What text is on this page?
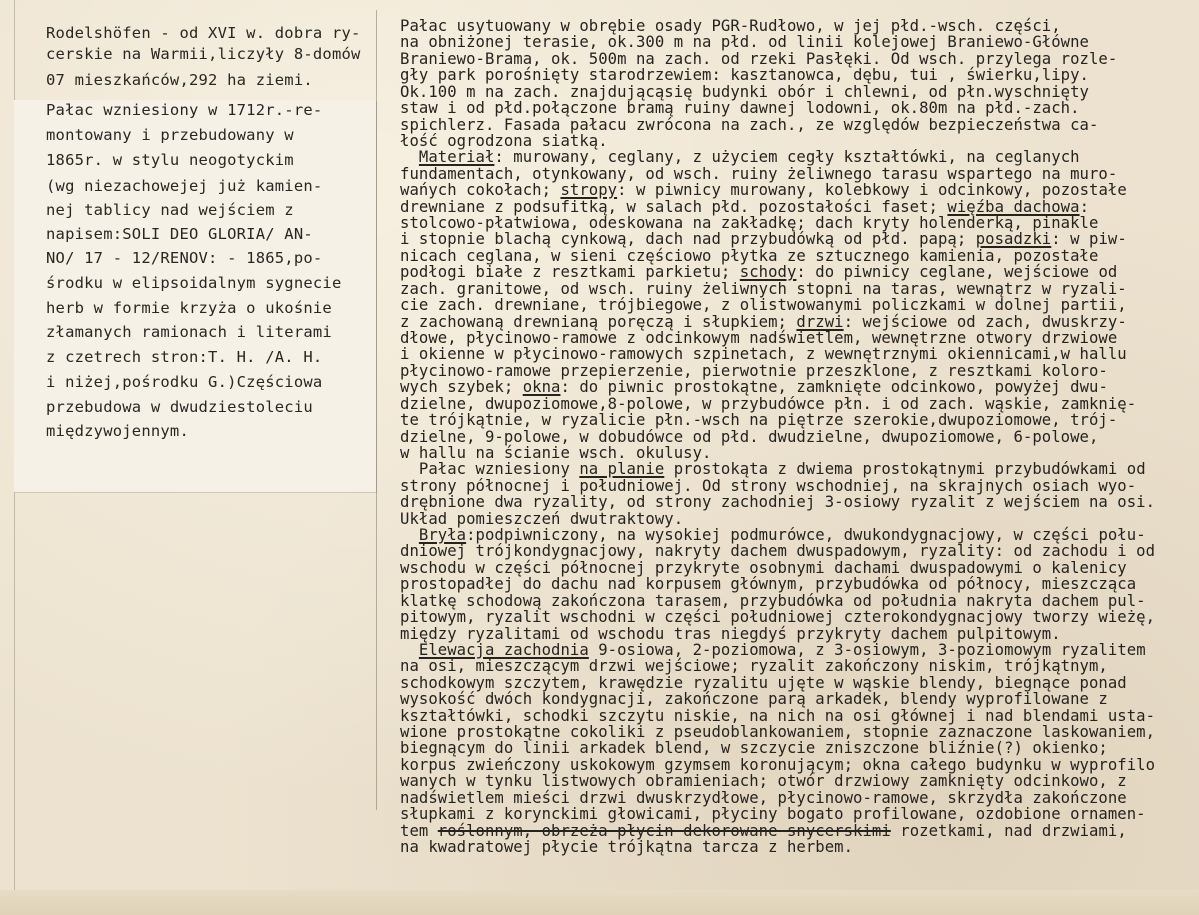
Rodelshöfen - od XVI w. dobra ry-
cerskie na Warmii,liczyły 8-domów
07 mieszkańców,292 ha ziemi.
Pałac wzniesiony w 1712r.-re-
montowany i przebudowany w
1865r. w stylu neogotyckim
(wg niezachowejej już kamien-
nej tablicy nad wejściem z
napisem:SOLI DEO GLORIA/ AN-
NO/ 17 - 12/RENOV: - 1865,po-
środku w elipsoidalnym sygnecie
herb w formie krzyża o ukośnie
złamanych ramionach i literami
z czetrech stron:T. H. /A. H.
i niżej,pośrodku G.)Częściowa
przebudowa w dwudziestoleciu
międzywojennym.
Pałac usytuowany w obrębie osady PGR-Rudłowo, w jej płd.-wsch. części,
na obniżonej terasie, ok.300 m na płd. od linii kolejowej Braniewo-Główne
Braniewo-Brama, ok. 500m na zach. od rzeki Pasłęki. Od wsch. przylega rozle-
gły park porośnięty starodrzewiem: kasztanowca, dębu, tui , świerku,lipy.
Ok.100 m na zach. znajdującąsię budynki obór i chlewni, od płn.wyschnięty
staw i od płd.połączone bramą ruiny dawnej lodowni, ok.80m na płd.-zach.
spichlerz. Fasada pałacu zwrócona na zach., ze względów bezpieczeństwa ca-
łość ogrodzona siatką.
Materiał: murowany, ceglany, z użyciem cegły kształtówki, na ceglanych
fundamentach, otynkowany, od wsch. ruiny żeliwnego tarasu wspartego na muro-
wańych cokołach; stropy: w piwnicy murowany, kolebkowy i odcinkowy, pozostałe
drewniane z podsufitką, w salach płd. pozostałości faset; więźba dachowa:
stolcowo-płatwiowa, odeskowana na zakładkę; dach kryty holenderką, pinakle
i stopnie blachą cynkową, dach nad przybudówką od płd. papą; posadzki: w piw-
nicach ceglana, w sieni częściowo płytka ze sztucznego kamienia, pozostałe
podłogi białe z resztkami parkietu; schody: do piwnicy ceglane, wejściowe od
zach. granitowe, od wsch. ruiny żeliwnych stopni na taras, wewnątrz w ryzali-
cie zach. drewniane, trójbiegowe, z olistwowanymi policzkami w dolnej partii,
z zachowaną drewnianą poręczą i słupkiem; drzwi: wejściowe od zach, dwuskrzy-
dłowe, płycinowo-ramowe z odcinkowym nadświetlem, wewnętrzne otwory drzwiowe
i okienne w płycinowo-ramowych szpinetach, z wewnętrznymi okiennicami,w hallu
płycinowo-ramowe przepierzenie, pierwotnie przeszklone, z resztkami koloro-
wych szybek; okna: do piwnic prostokątne, zamknięte odcinkowo, powyżej dwu-
dzielne, dwupoziomowe,8-polowe, w przybudówce płn. i od zach. wąskie, zamknię-
te trójkątnie, w ryzalicie płn.-wsch na piętrze szerokie,dwupoziomowe, trój-
dzielne, 9-polowe, w dobudówce od płd. dwudzielne, dwupoziomowe, 6-polowe,
w hallu na ścianie wsch. okulusy.
Pałac wzniesiony na planie prostokąta z dwiema prostokątnymi przybudówkami od
strony północnej i południowej. Od strony wschodniej, na skrajnych osiach wyo-
drębnione dwa ryzality, od strony zachodniej 3-osiowy ryzalit z wejściem na osi.
Układ pomieszczeń dwutraktowy.
Bryła:podpiwniczony, na wysokiej podmurówce, dwukondygnacjowy, w części połu-
dniowej trójkondygnacjowy, nakryty dachem dwuspadowym, ryzality: od zachodu i od
wschodu w części północnej przykryte osobnymi dachami dwuspadowymi o kalenicy
prostopadłej do dachu nad korpusem głównym, przybudówka od północy, mieszcząca
klatkę schodową zakończona tarasem, przybudówka od południa nakryta dachem pul-
pitowym, ryzalit wschodni w części południowej czterokondygnacjowy tworzy wieżę,
między ryzalitami od wschodu tras niegdyś przykryty dachem pulpitowym.
Elewacja zachodnia 9-osiowa, 2-poziomowa, z 3-osiowym, 3-poziomowym ryzalitem
na osi, mieszczącym drzwi wejściowe; ryzalit zakończony niskim, trójkątnym,
schodkowym szczytem, krawędzie ryzalitu ujęte w wąskie blendy, biegnące ponad
wysokość dwóch kondygnacji, zakończone parą arkadek, blendy wyprofilowane z
kształtówki, schodki szczytu niskie, na nich na osi głównej i nad blendami usta-
wione prostokątne cokoliki z pseudoblankowaniem, stopnie zaznaczone laskowaniem,
biegnącym do linii arkadek blend, w szczycie zniszczone bliźnie(?) okienko;
korpus zwieńczony uskokowym gzymsem koronującym; okna całego budynku w wyprofilo
wanych w tynku listwowych obramieniach; otwór drzwiowy zamknięty odcinkowo, z
nadświetlem mieści drzwi dwuskrzydłowe, płycinowo-ramowe, skrzydła zakończone
słupkami z korynckimi głowicami, płyciny bogato profilowane, ozdobione ornamen-
tem roślonnym, obrzeża płycin dekorowane snycerskimi rozetkami, nad drzwiami,
na kwadratowej płycie trójkątna tarcza z herbem.
